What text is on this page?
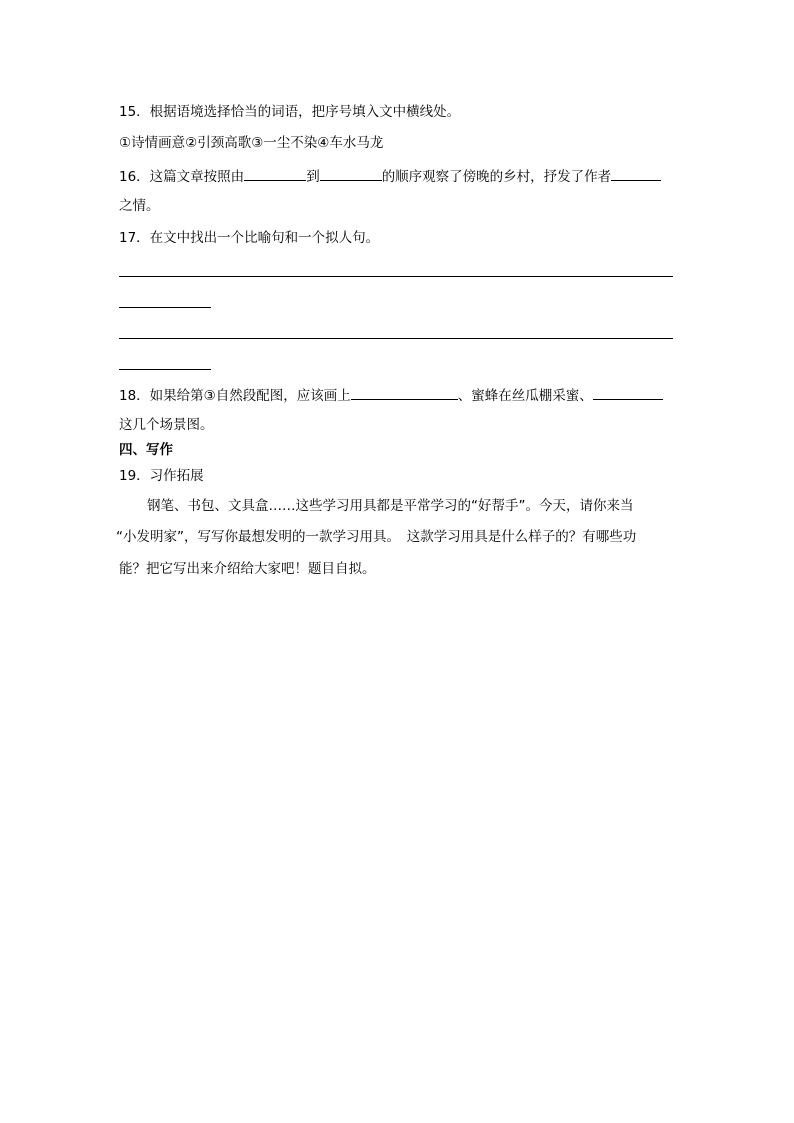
15．根据语境选择恰当的词语，把序号填入文中横线处。
①诗情画意②引颈高歌③一尘不染④车水马龙
16．这篇文章按照由	到	的顺序观察了傍晚的乡村，抒发了作者
之情。
17．在文中找出一个比喻句和一个拟人句。
18．如果给第③自然段配图，应该画上	、蜜蜂在丝瓜棚采蜜、
这几个场景图。
四、写作
19．习作拓展
钢笔、书包、文具盒……这些学习用具都是平常学习的“好帮手”。今天，请你来当
“小发明家”，写写你最想发明的一款学习用具。　这款学习用具是什么样子的？有哪些功
能？把它写出来介绍给大家吧！题目自拟。
